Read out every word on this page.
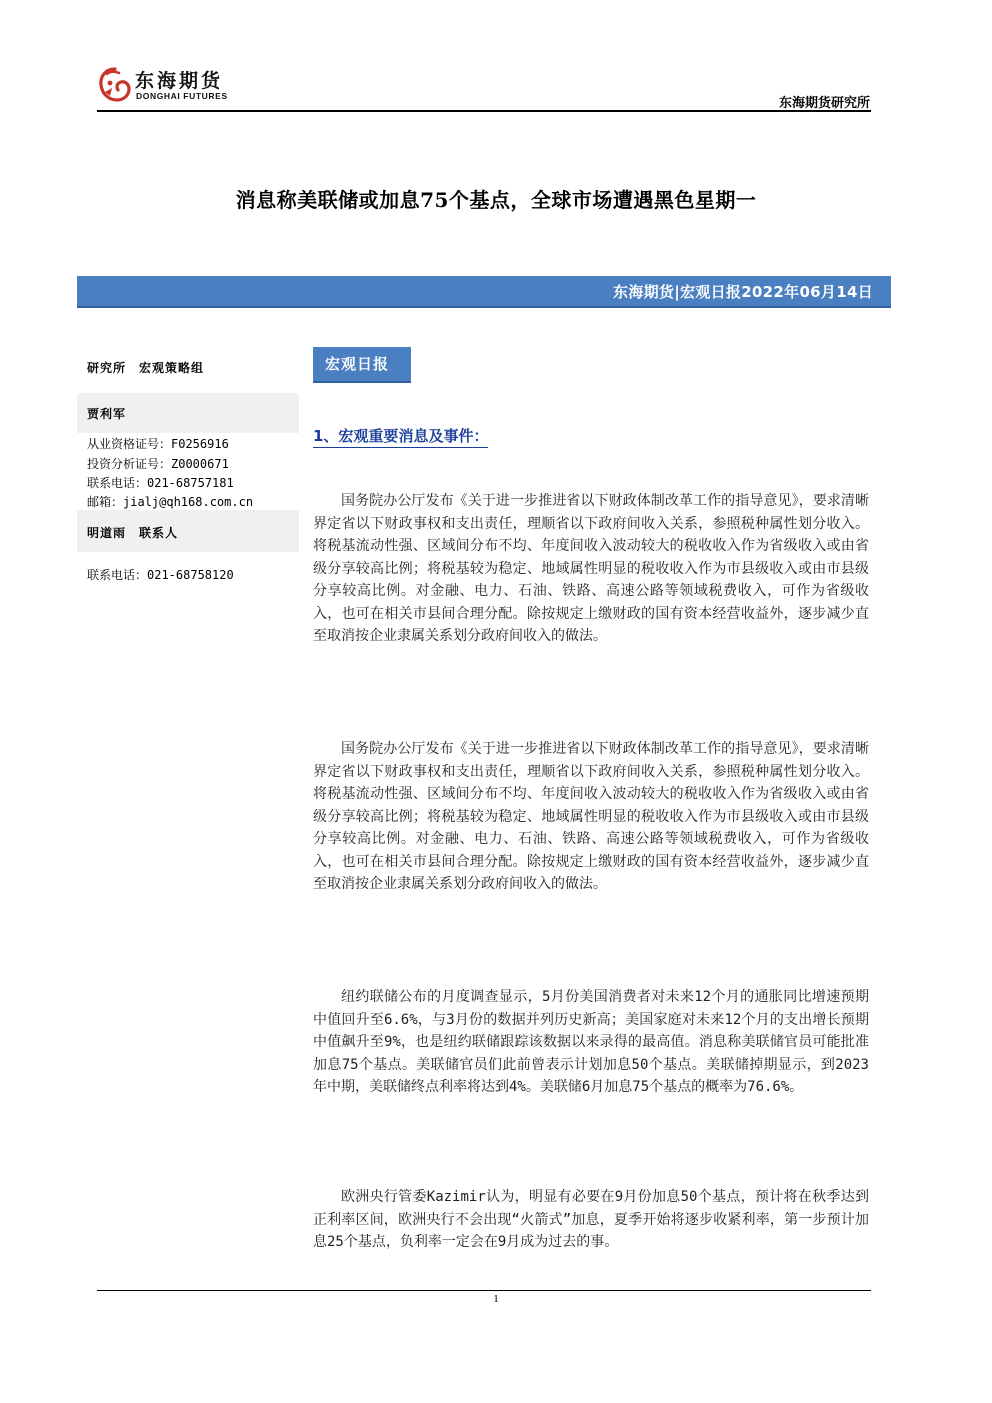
东海期货
DONGHAI FUTURES	东海期货研究所
消息称美联储或加息75个基点，全球市场遭遇黑色星期一
东海期货|宏观日报2022年06月14日
研究所　宏观策略组
贾利军
从业资格证号：F0256916
投资分析证号：Z0000671
联系电话：021-68757181
邮箱：jialj@qh168.com.cn
明道雨　联系人
联系电话：021-68758120
宏观日报
1、宏观重要消息及事件：

国务院办公厅发布《关于进一步推进省以下财政体制改革工作的指导意见》，要求清晰界定省以下财政事权和支出责任，理顺省以下政府间收入关系，参照税种属性划分收入。将税基流动性强、区域间分布不均、年度间收入波动较大的税收收入作为省级收入或由省级分享较高比例；将税基较为稳定、地域属性明显的税收收入作为市县级收入或由市县级分享较高比例。对金融、电力、石油、铁路、高速公路等领域税费收入，可作为省级收入，也可在相关市县间合理分配。除按规定上缴财政的国有资本经营收益外，逐步减少直至取消按企业隶属关系划分政府间收入的做法。

国务院办公厅发布《关于进一步推进省以下财政体制改革工作的指导意见》，要求清晰界定省以下财政事权和支出责任，理顺省以下政府间收入关系，参照税种属性划分收入。将税基流动性强、区域间分布不均、年度间收入波动较大的税收收入作为省级收入或由省级分享较高比例；将税基较为稳定、地域属性明显的税收收入作为市县级收入或由市县级分享较高比例。对金融、电力、石油、铁路、高速公路等领域税费收入，可作为省级收入，也可在相关市县间合理分配。除按规定上缴财政的国有资本经营收益外，逐步减少直至取消按企业隶属关系划分政府间收入的做法。

纽约联储公布的月度调查显示，5月份美国消费者对未来12个月的通胀同比增速预期中值回升至6.6%，与3月份的数据并列历史新高；美国家庭对未来12个月的支出增长预期中值飙升至9%，也是纽约联储跟踪该数据以来录得的最高值。消息称美联储官员可能批准加息75个基点。美联储官员们此前曾表示计划加息50个基点。美联储掉期显示，到2023年中期，美联储终点利率将达到4%。美联储6月加息75个基点的概率为76.6%。

欧洲央行管委Kazimir认为，明显有必要在9月份加息50个基点，预计将在秋季达到正利率区间，欧洲央行不会出现“火箭式”加息，夏季开始将逐步收紧利率，第一步预计加息25个基点，负利率一定会在9月成为过去的事。

1
